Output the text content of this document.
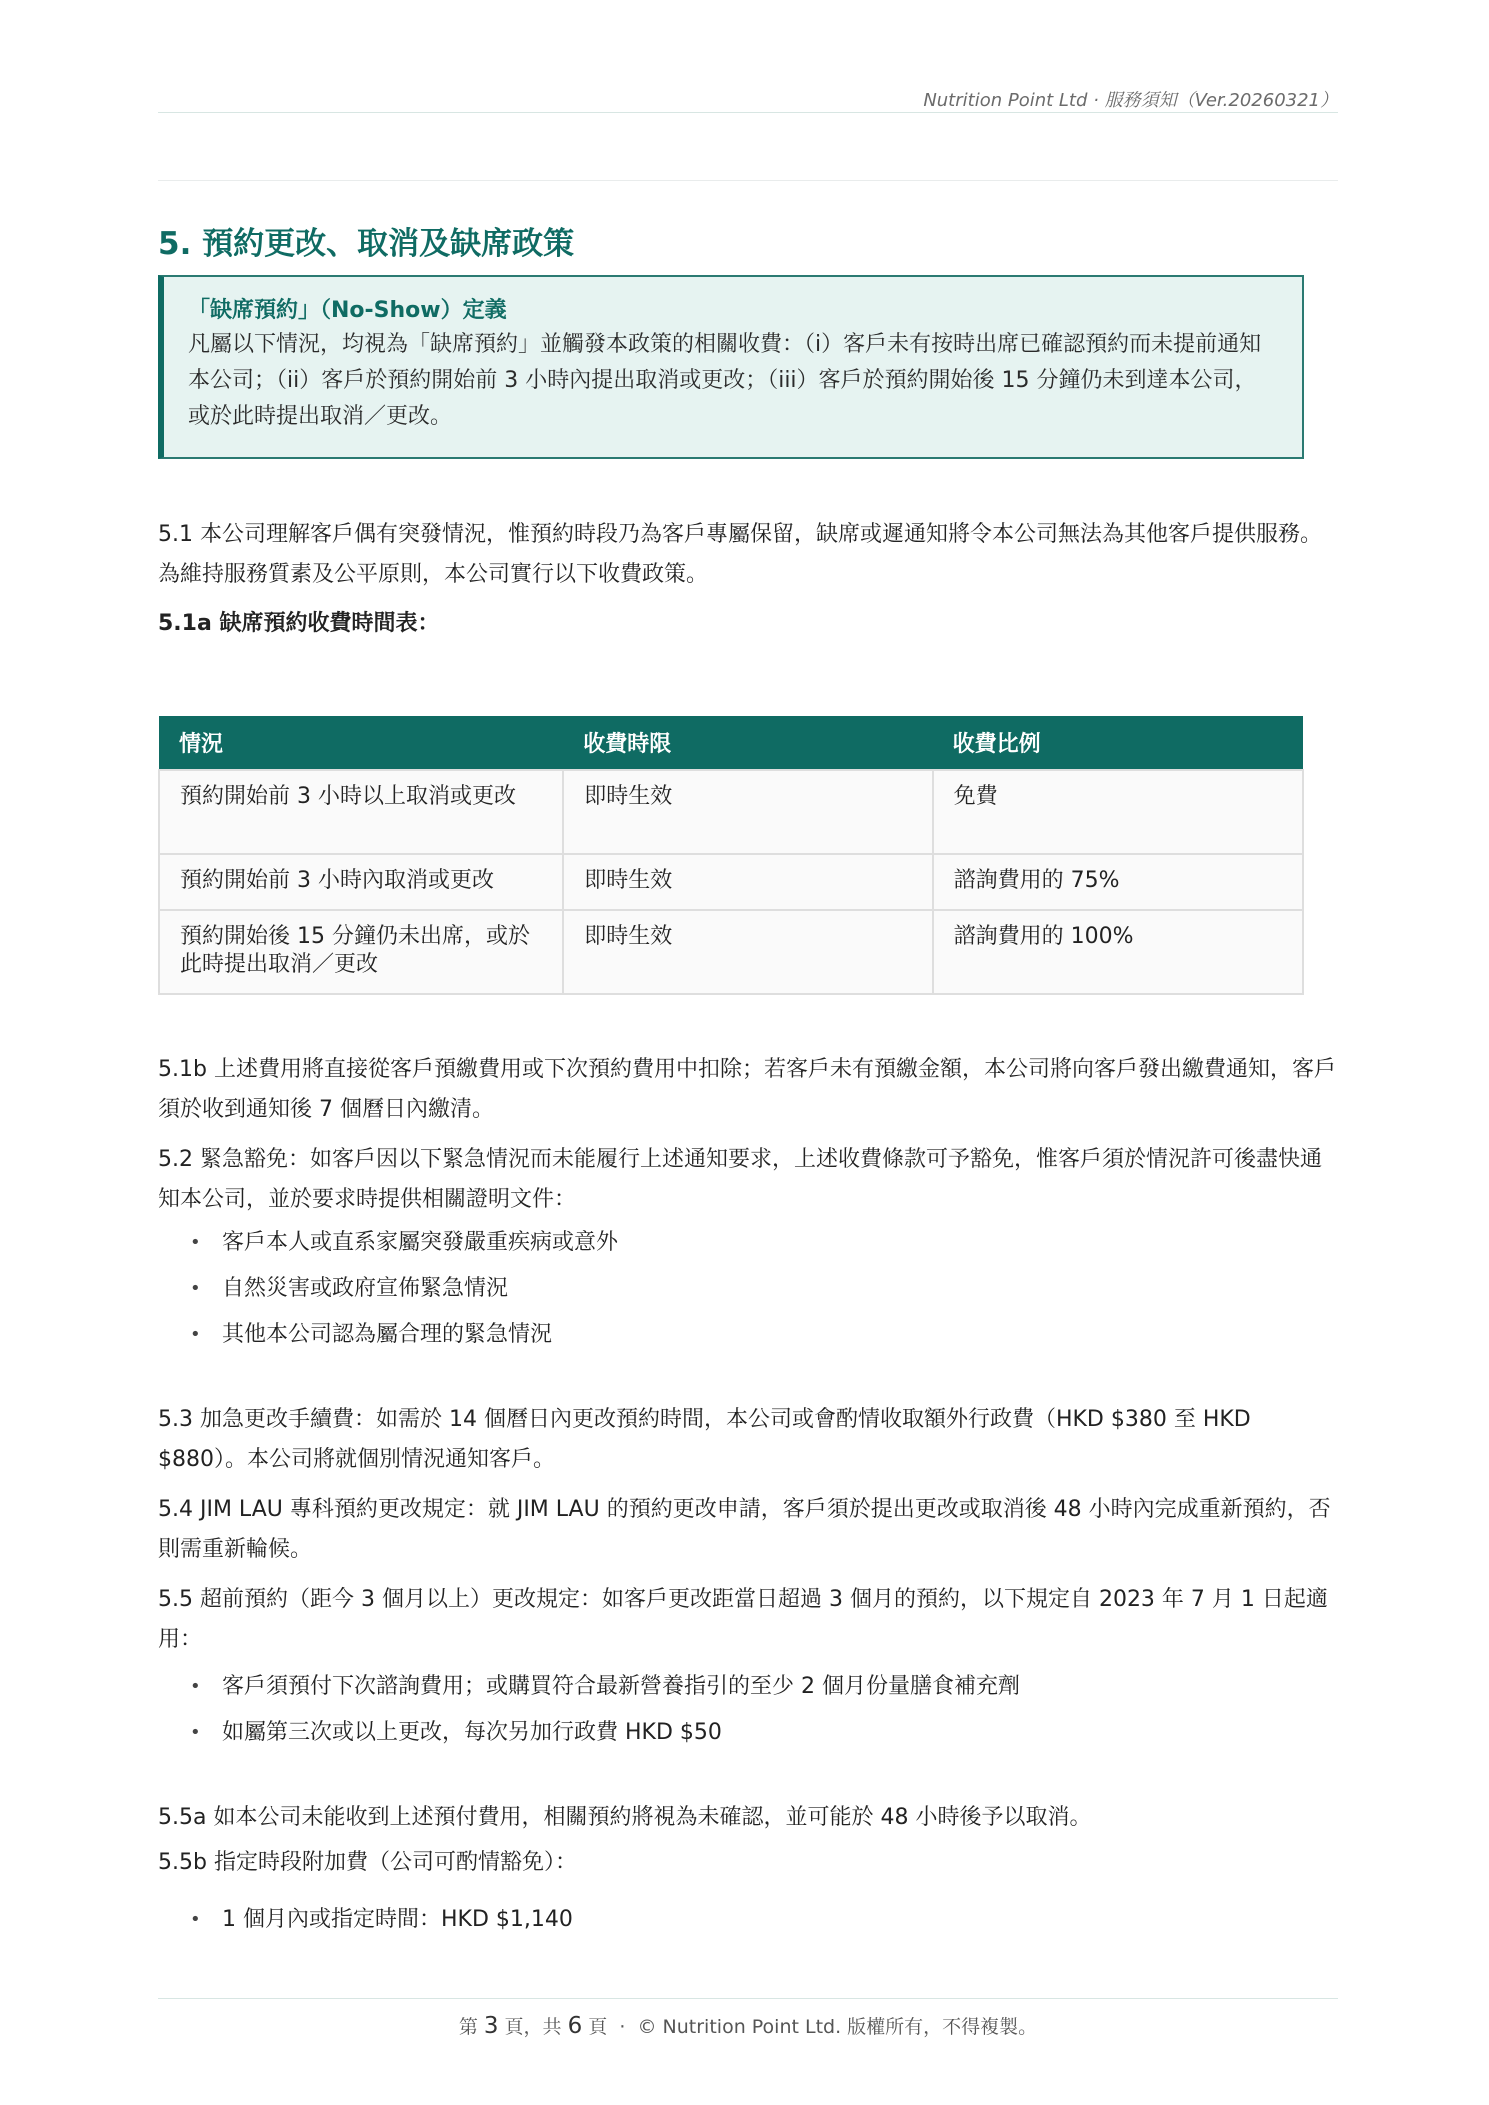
Nutrition Point Ltd · 服務須知（Ver.20260321）
5. 預約更改、取消及缺席政策
「缺席預約」（No-Show）定義
凡屬以下情況，均視為「缺席預約」並觸發本政策的相關收費：（i）客戶未有按時出席已確認預約而未提前通知本公司；（ii）客戶於預約開始前 3 小時內提出取消或更改；（iii）客戶於預約開始後 15 分鐘仍未到達本公司，或於此時提出取消／更改。

5.1 本公司理解客戶偶有突發情況，惟預約時段乃為客戶專屬保留，缺席或遲通知將令本公司無法為其他客戶提供服務。為維持服務質素及公平原則，本公司實行以下收費政策。

5.1a 缺席預約收費時間表：

情況	收費時限	收費比例
預約開始前 3 小時以上取消或更改	即時生效	免費
預約開始前 3 小時內取消或更改	即時生效	諮詢費用的 75%
預約開始後 15 分鐘仍未出席，或於此時提出取消／更改	即時生效	諮詢費用的 100%

5.1b 上述費用將直接從客戶預繳費用或下次預約費用中扣除；若客戶未有預繳金額，本公司將向客戶發出繳費通知，客戶須於收到通知後 7 個曆日內繳清。

5.2 緊急豁免：如客戶因以下緊急情況而未能履行上述通知要求，上述收費條款可予豁免，惟客戶須於情況許可後盡快通知本公司，並於要求時提供相關證明文件：

• 客戶本人或直系家屬突發嚴重疾病或意外
• 自然災害或政府宣佈緊急情況
• 其他本公司認為屬合理的緊急情況

5.3 加急更改手續費：如需於 14 個曆日內更改預約時間，本公司或會酌情收取額外行政費（HKD $380 至 HKD $880）。本公司將就個別情況通知客戶。

5.4 JIM LAU 專科預約更改規定：就 JIM LAU 的預約更改申請，客戶須於提出更改或取消後 48 小時內完成重新預約，否則需重新輪候。

5.5 超前預約（距今 3 個月以上）更改規定：如客戶更改距當日超過 3 個月的預約，以下規定自 2023 年 7 月 1 日起適用：

• 客戶須預付下次諮詢費用；或購買符合最新營養指引的至少 2 個月份量膳食補充劑
• 如屬第三次或以上更改，每次另加行政費 HKD $50

5.5a 如本公司未能收到上述預付費用，相關預約將視為未確認，並可能於 48 小時後予以取消。

5.5b 指定時段附加費（公司可酌情豁免）：

• 1 個月內或指定時間：HKD $1,140
第 3 頁，共 6 頁  ·  © Nutrition Point Ltd. 版權所有，不得複製。
